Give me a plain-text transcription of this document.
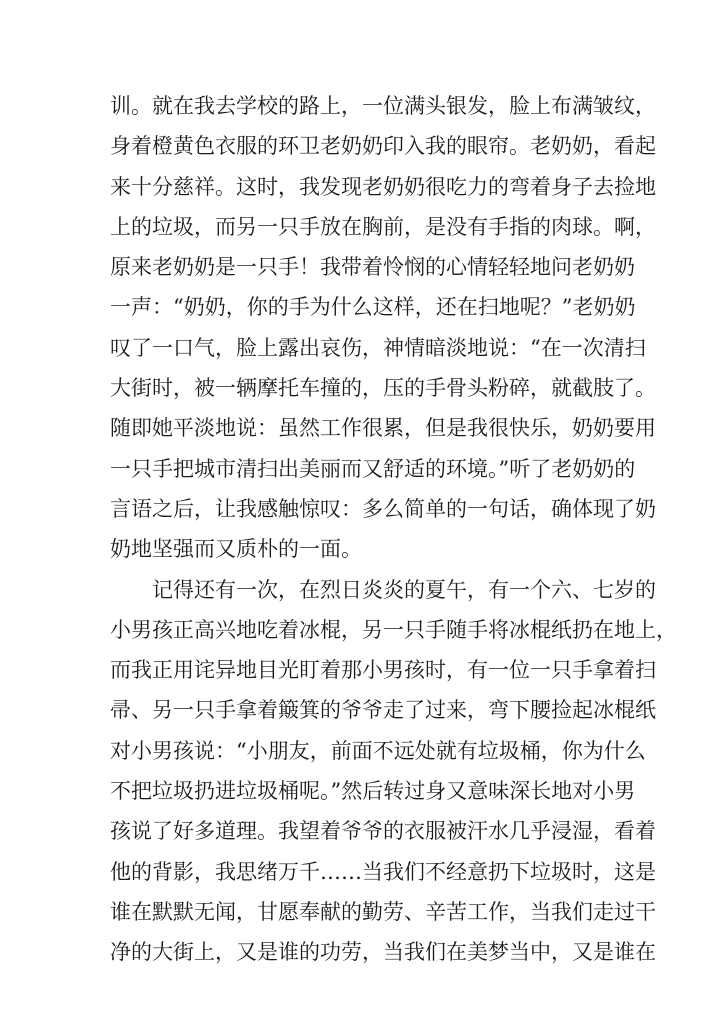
训。就在我去学校的路上，一位满头银发，脸上布满皱纹，
身着橙黄色衣服的环卫老奶奶印入我的眼帘。老奶奶，看起
来十分慈祥。这时，我发现老奶奶很吃力的弯着身子去捡地
上的垃圾，而另一只手放在胸前，是没有手指的肉球。啊，
原来老奶奶是一只手！我带着怜悯的心情轻轻地问老奶奶
一声：“奶奶，你的手为什么这样，还在扫地呢？”老奶奶
叹了一口气，脸上露出哀伤，神情暗淡地说：“在一次清扫
大街时，被一辆摩托车撞的，压的手骨头粉碎，就截肢了。
随即她平淡地说：虽然工作很累，但是我很快乐，奶奶要用
一只手把城市清扫出美丽而又舒适的环境。”听了老奶奶的
言语之后，让我感触惊叹：多么简单的一句话，确体现了奶
奶地坚强而又质朴的一面。
记得还有一次，在烈日炎炎的夏午，有一个六、七岁的
小男孩正高兴地吃着冰棍，另一只手随手将冰棍纸扔在地上，
而我正用诧异地目光盯着那小男孩时，有一位一只手拿着扫
帚、另一只手拿着簸箕的爷爷走了过来，弯下腰捡起冰棍纸
对小男孩说：“小朋友，前面不远处就有垃圾桶，你为什么
不把垃圾扔进垃圾桶呢。”然后转过身又意味深长地对小男
孩说了好多道理。我望着爷爷的衣服被汗水几乎浸湿，看着
他的背影，我思绪万千……当我们不经意扔下垃圾时，这是
谁在默默无闻，甘愿奉献的勤劳、辛苦工作，当我们走过干
净的大街上，又是谁的功劳，当我们在美梦当中，又是谁在
